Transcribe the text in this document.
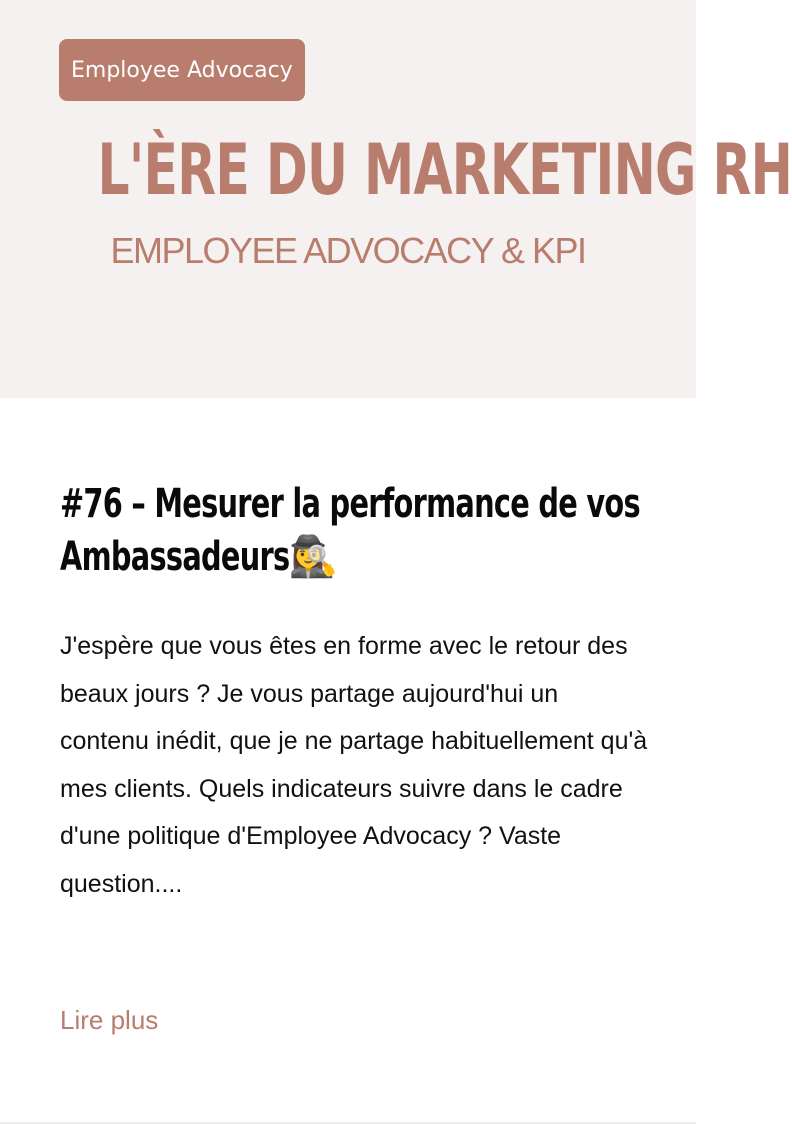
Employee Advocacy
L'ÈRE DU MARKETING RH
EMPLOYEE ADVOCACY & KPI
#76 – Mesurer la performance de vos Ambassadeurs🕵️‍♀️

J'espère que vous êtes en forme avec le retour des beaux jours ? Je vous partage aujourd'hui un contenu inédit, que je ne partage habituellement qu'à mes clients. Quels indicateurs suivre dans le cadre d'une politique d'Employee Advocacy ? Vaste question....

Lire plus
